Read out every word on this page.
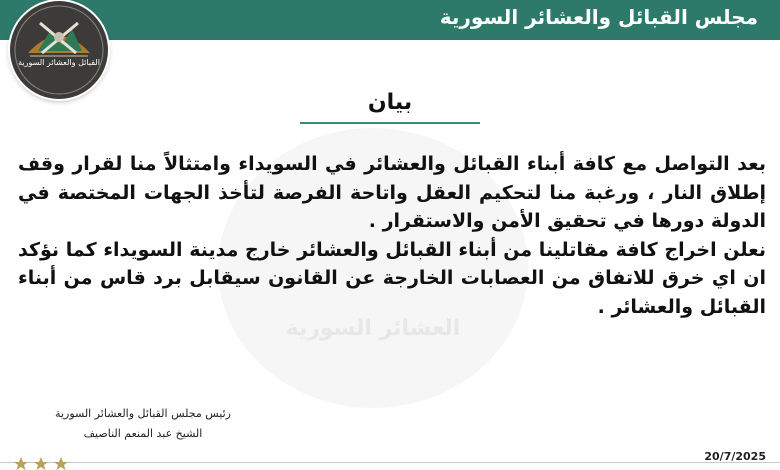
مجلس القبائل والعشائر السورية
القبائل والعشائر السورية
العشائر السورية
بيان

بعد التواصل مع كافة أبناء القبائل والعشائر في السويداء وامتثالاً منا لقرار وقف إطلاق النار ، ورغبة منا لتحكيم العقل واتاحة الفرصة لتأخذ الجهات المختصة في الدولة دورها في تحقيق الأمن والاستقرار .

نعلن اخراج كافة مقاتلينا من أبناء القبائل والعشائر خارج مدينة السويداء كما نؤكد ان اي خرق للاتفاق من العصابات الخارجة عن القانون سيقابل برد قاس من أبناء القبائل والعشائر .

رئيس مجلس القبائل والعشائر السورية
الشيخ عبد المنعم الناصيف
20/7/2025
